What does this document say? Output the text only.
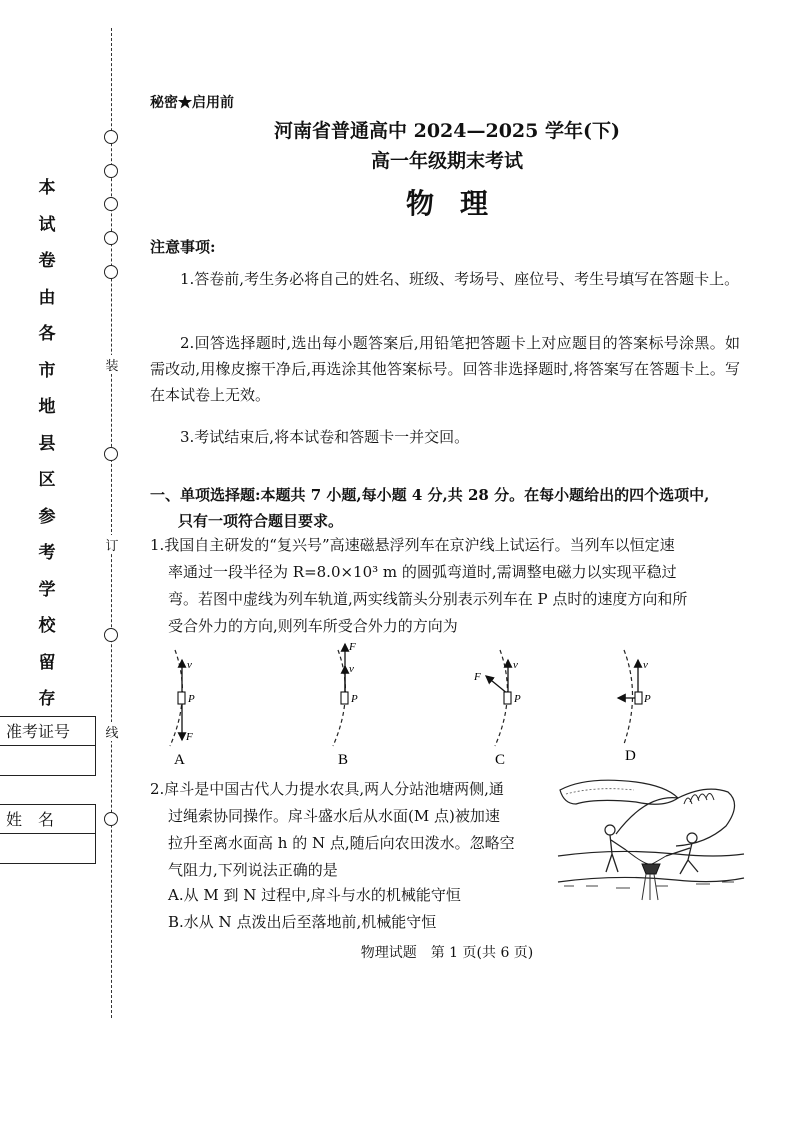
装
订
线
本
试
卷
由
各
市
地
县
区
参
考
学
校
留
存
准考证号
姓　名
秘密★启用前
河南省普通高中 2024—2025 学年(下)
高一年级期末考试
物理
注意事项:
1.答卷前,考生务必将自己的姓名、班级、考场号、座位号、考生号填写在答题卡上。
2.回答选择题时,选出每小题答案后,用铅笔把答题卡上对应题目的答案标号涂黑。如需改动,用橡皮擦干净后,再选涂其他答案标号。回答非选择题时,将答案写在答题卡上。写在本试卷上无效。
3.考试结束后,将本试卷和答题卡一并交回。
一、单项选择题:本题共 7 小题,每小题 4 分,共 28 分。在每小题给出的四个选项中,
只有一项符合题目要求。
1.我国自主研发的“复兴号”高速磁悬浮列车在京沪线上试运行。当列车以恒定速
率通过一段半径为 R=8.0×10³ m 的圆弧弯道时,需调整电磁力以实现平稳过
弯。若图中虚线为列车轨道,两实线箭头分别表示列车在 P 点时的速度方向和所
受合外力的方向,则列车所受合外力的方向为
v
P
F
A
F
v
P
B
v
F
P
C
v
P
D
2.戽斗是中国古代人力提水农具,两人分站池塘两侧,通
过绳索协同操作。戽斗盛水后从水面(M 点)被加速
拉升至离水面高 h 的 N 点,随后向农田泼水。忽略空
气阻力,下列说法正确的是
A.从 M 到 N 过程中,戽斗与水的机械能守恒
B.水从 N 点泼出后至落地前,机械能守恒
物理试题　第 1 页(共 6 页)
